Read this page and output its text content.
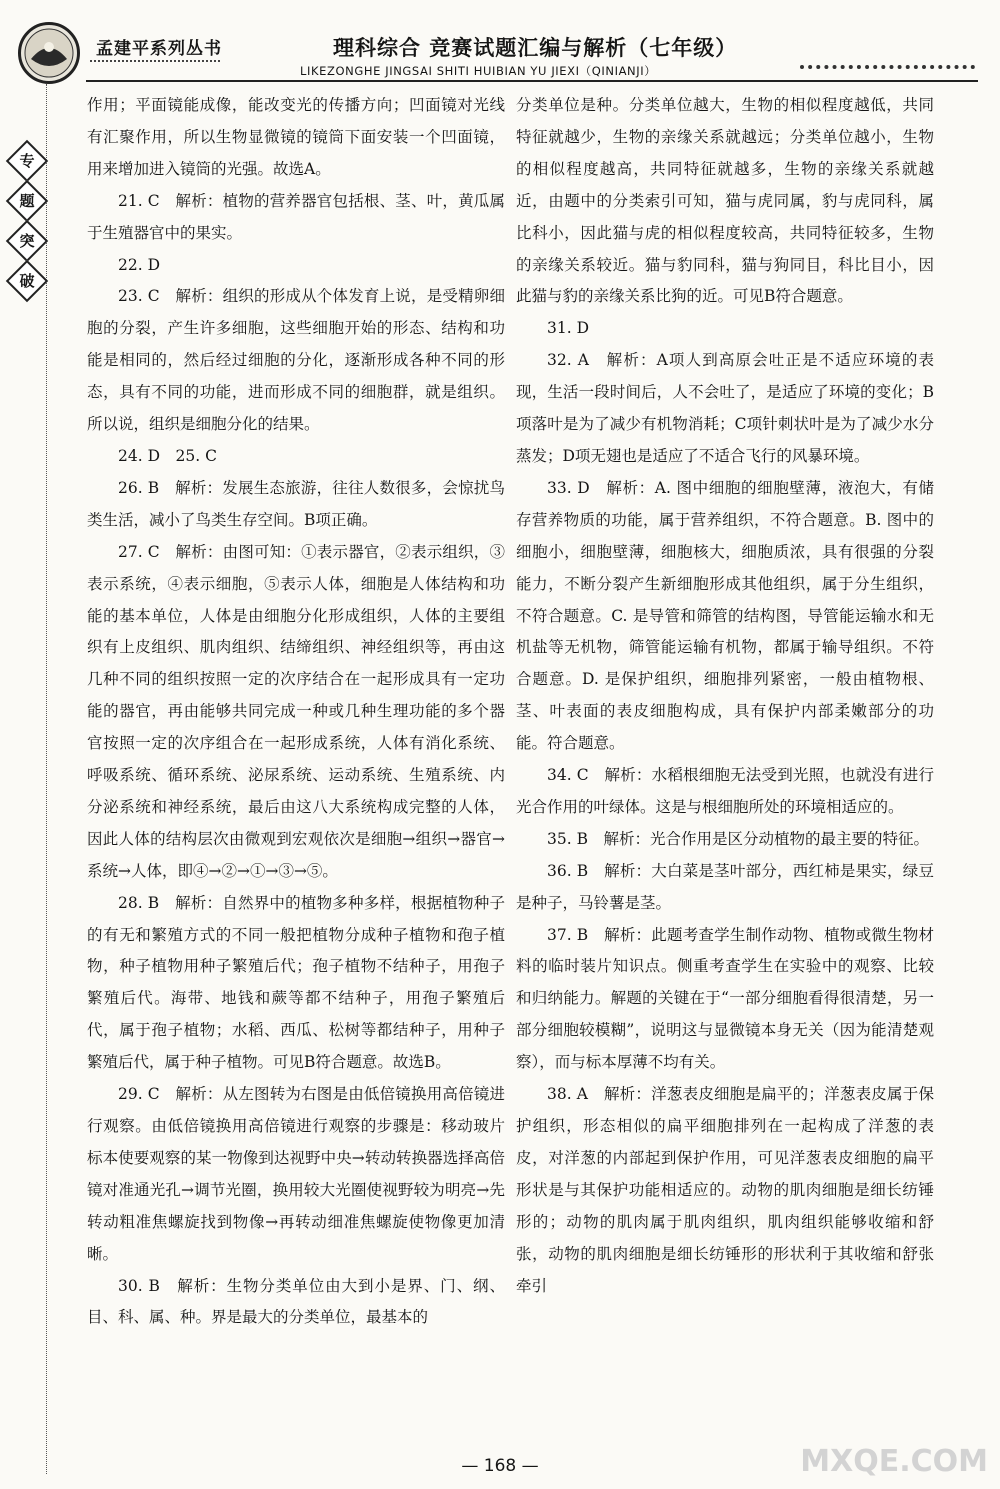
孟建平系列丛书	理科综合 竞赛试题汇编与解析（七年级）
LIKEZONGHE JINGSAI SHITI HUIBIAN YU JIEXI（QINIANJI）
专
题
突
破

作用；平面镜能成像，能改变光的传播方向；凹面镜对光线有汇聚作用，所以生物显微镜的镜筒下面安装一个凹面镜，用来增加进入镜筒的光强。故选A。

21. C　解析：植物的营养器官包括根、茎、叶，黄瓜属于生殖器官中的果实。

22. D

23. C　解析：组织的形成从个体发育上说，是受精卵细胞的分裂，产生许多细胞，这些细胞开始的形态、结构和功能是相同的，然后经过细胞的分化，逐渐形成各种不同的形态，具有不同的功能，进而形成不同的细胞群，就是组织。所以说，组织是细胞分化的结果。

24. D　25. C

26. B　解析：发展生态旅游，往往人数很多，会惊扰鸟类生活，减小了鸟类生存空间。B项正确。

27. C　解析：由图可知：①表示器官，②表示组织，③表示系统，④表示细胞，⑤表示人体，细胞是人体结构和功能的基本单位，人体是由细胞分化形成组织，人体的主要组织有上皮组织、肌肉组织、结缔组织、神经组织等，再由这几种不同的组织按照一定的次序结合在一起形成具有一定功能的器官，再由能够共同完成一种或几种生理功能的多个器官按照一定的次序组合在一起形成系统，人体有消化系统、呼吸系统、循环系统、泌尿系统、运动系统、生殖系统、内分泌系统和神经系统，最后由这八大系统构成完整的人体，因此人体的结构层次由微观到宏观依次是细胞→组织→器官→系统→人体，即④→②→①→③→⑤。

28. B　解析：自然界中的植物多种多样，根据植物种子的有无和繁殖方式的不同一般把植物分成种子植物和孢子植物，种子植物用种子繁殖后代；孢子植物不结种子，用孢子繁殖后代。海带、地钱和蕨等都不结种子，用孢子繁殖后代，属于孢子植物；水稻、西瓜、松树等都结种子，用种子繁殖后代，属于种子植物。可见B符合题意。故选B。

29. C　解析：从左图转为右图是由低倍镜换用高倍镜进行观察。由低倍镜换用高倍镜进行观察的步骤是：移动玻片标本使要观察的某一物像到达视野中央→转动转换器选择高倍镜对准通光孔→调节光圈，换用较大光圈使视野较为明亮→先转动粗准焦螺旋找到物像→再转动细准焦螺旋使物像更加清晰。

30. B　解析：生物分类单位由大到小是界、门、纲、目、科、属、种。界是最大的分类单位，最基本的

分类单位是种。分类单位越大，生物的相似程度越低，共同特征就越少，生物的亲缘关系就越远；分类单位越小，生物的相似程度越高，共同特征就越多，生物的亲缘关系就越近，由题中的分类索引可知，猫与虎同属，豹与虎同科，属比科小，因此猫与虎的相似程度较高，共同特征较多，生物的亲缘关系较近。猫与豹同科，猫与狗同目，科比目小，因此猫与豹的亲缘关系比狗的近。可见B符合题意。

31. D

32. A　解析：A项人到高原会吐正是不适应环境的表现，生活一段时间后，人不会吐了，是适应了环境的变化；B项落叶是为了减少有机物消耗；C项针刺状叶是为了减少水分蒸发；D项无翅也是适应了不适合飞行的风暴环境。

33. D　解析：A. 图中细胞的细胞壁薄，液泡大，有储存营养物质的功能，属于营养组织，不符合题意。B. 图中的细胞小，细胞壁薄，细胞核大，细胞质浓，具有很强的分裂能力，不断分裂产生新细胞形成其他组织，属于分生组织，不符合题意。C. 是导管和筛管的结构图，导管能运输水和无机盐等无机物，筛管能运输有机物，都属于输导组织。不符合题意。D. 是保护组织，细胞排列紧密，一般由植物根、茎、叶表面的表皮细胞构成，具有保护内部柔嫩部分的功能。符合题意。

34. C　解析：水稻根细胞无法受到光照，也就没有进行光合作用的叶绿体。这是与根细胞所处的环境相适应的。

35. B　解析：光合作用是区分动植物的最主要的特征。

36. B　解析：大白菜是茎叶部分，西红柿是果实，绿豆是种子，马铃薯是茎。

37. B　解析：此题考查学生制作动物、植物或微生物材料的临时装片知识点。侧重考查学生在实验中的观察、比较和归纳能力。解题的关键在于“一部分细胞看得很清楚，另一部分细胞较模糊”，说明这与显微镜本身无关（因为能清楚观察），而与标本厚薄不均有关。

38. A　解析：洋葱表皮细胞是扁平的；洋葱表皮属于保护组织，形态相似的扁平细胞排列在一起构成了洋葱的表皮，对洋葱的内部起到保护作用，可见洋葱表皮细胞的扁平形状是与其保护功能相适应的。动物的肌肉细胞是细长纺锤形的；动物的肌肉属于肌肉组织，肌肉组织能够收缩和舒张，动物的肌肉细胞是细长纺锤形的形状利于其收缩和舒张牵引

— 168 —	MXQE.COM
